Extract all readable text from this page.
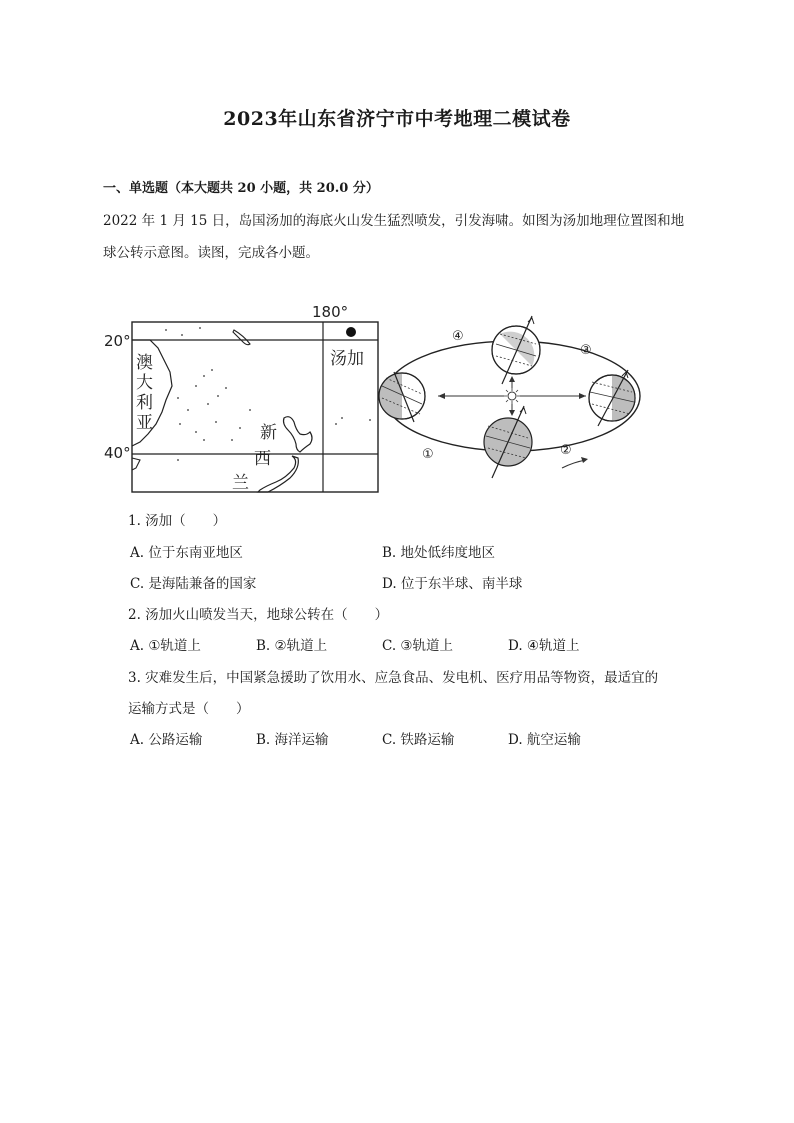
2023年山东省济宁市中考地理二模试卷
一、单选题（本大题共 20 小题，共 20.0 分）
2022 年 1 月 15 日，岛国汤加的海底火山发生猛烈喷发，引发海啸。如图为汤加地理位置图和地
球公转示意图。读图，完成各小题。
180°
20°
40°
汤加
澳
大
利
亚	新
西
兰
④
③
①	②
1. 汤加（　　）
A. 位于东南亚地区	B. 地处低纬度地区
C. 是海陆兼备的国家	D. 位于东半球、南半球
2. 汤加火山喷发当天，地球公转在（　　）
A. ①轨道上	B. ②轨道上	C. ③轨道上	D. ④轨道上
3. 灾难发生后，中国紧急援助了饮用水、应急食品、发电机、医疗用品等物资，最适宜的
运输方式是（　　）
A. 公路运输	B. 海洋运输	C. 铁路运输	D. 航空运输
